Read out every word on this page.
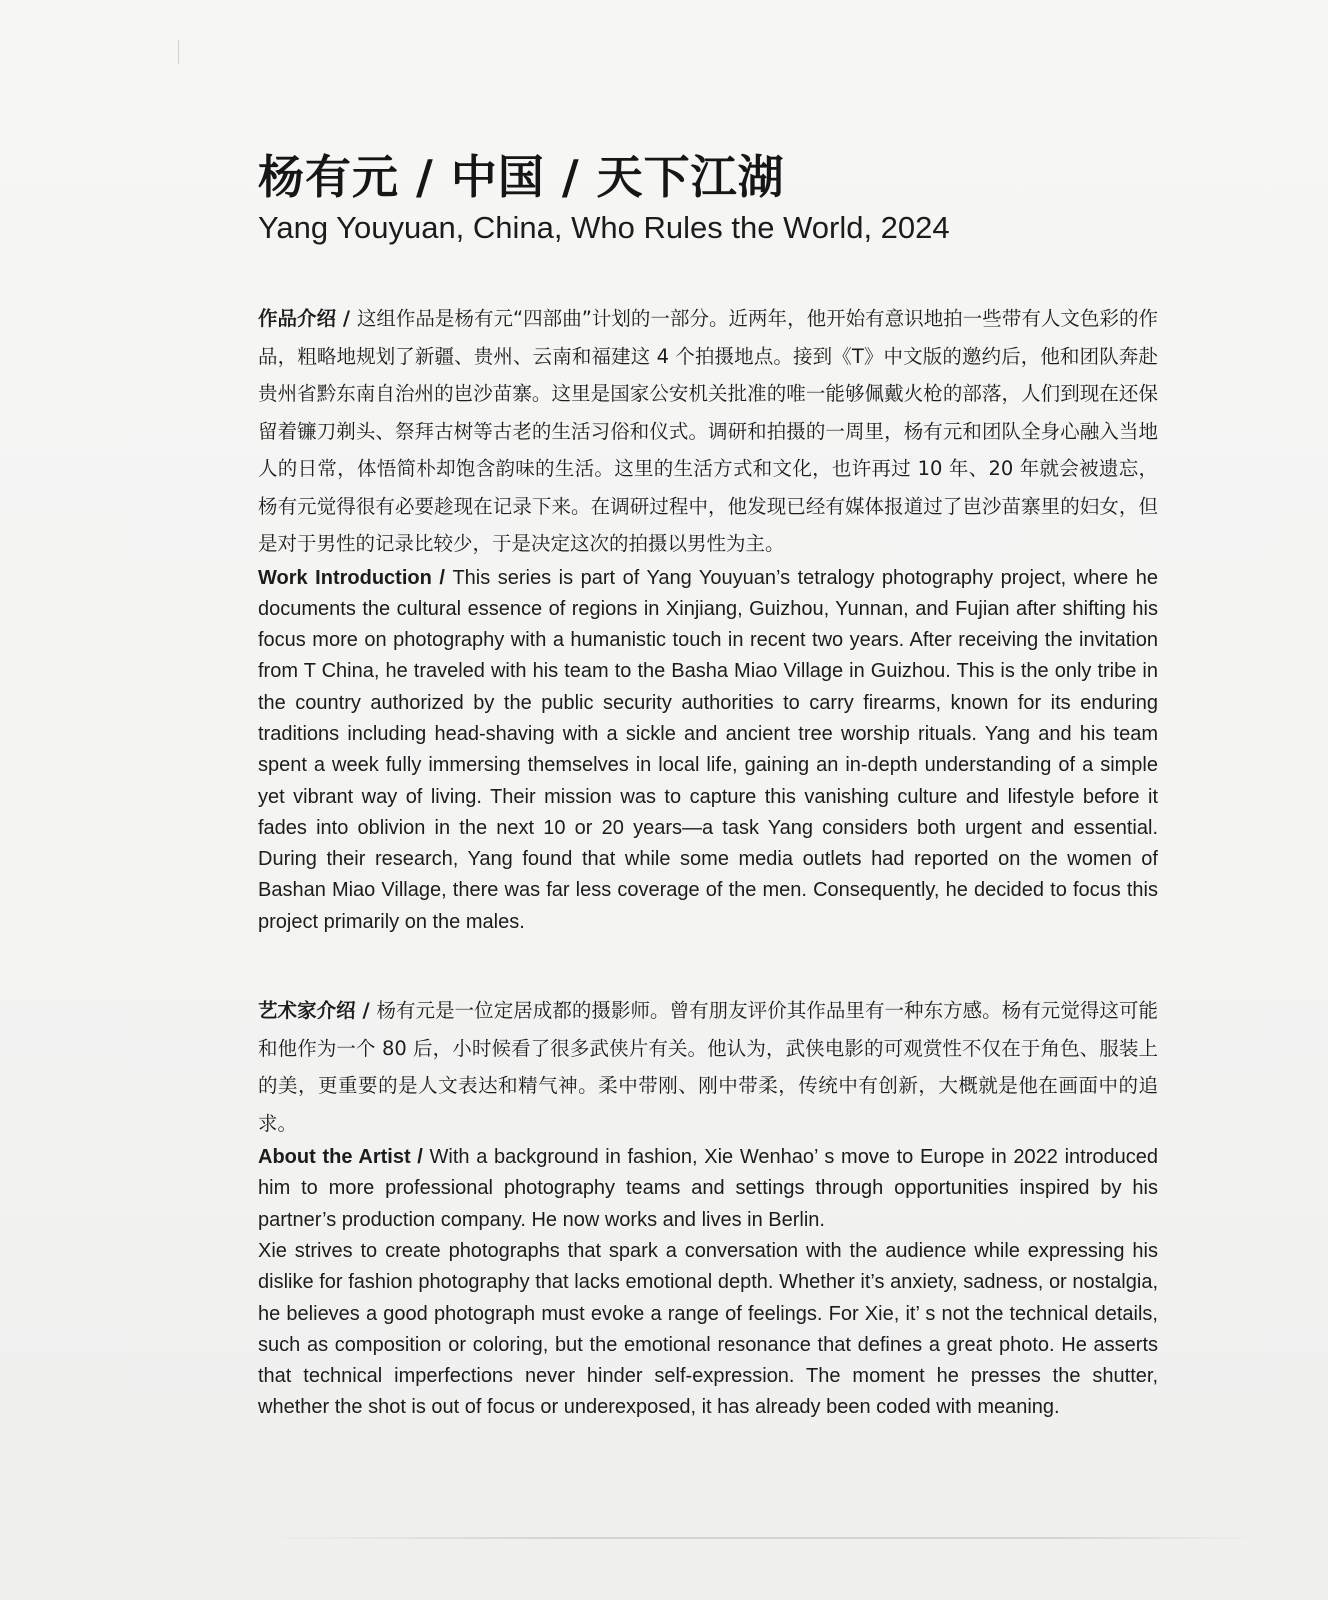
杨有元 / 中国 / 天下江湖
Yang Youyuan, China, Who Rules the World, 2024

作品介绍 / 这组作品是杨有元“四部曲”计划的一部分。近两年，他开始有意识地拍一些带有人文色彩的作品，粗略地规划了新疆、贵州、云南和福建这 4 个拍摄地点。接到《T》中文版的邀约后，他和团队奔赴贵州省黔东南自治州的岜沙苗寨。这里是国家公安机关批准的唯一能够佩戴火枪的部落，人们到现在还保留着镰刀剃头、祭拜古树等古老的生活习俗和仪式。调研和拍摄的一周里，杨有元和团队全身心融入当地人的日常，体悟简朴却饱含韵味的生活。这里的生活方式和文化，也许再过 10 年、20 年就会被遗忘，杨有元觉得很有必要趁现在记录下来。在调研过程中，他发现已经有媒体报道过了岜沙苗寨里的妇女，但是对于男性的记录比较少，于是决定这次的拍摄以男性为主。

Work Introduction / This series is part of Yang Youyuan’s tetralogy photography project, where he documents the cultural essence of regions in Xinjiang, Guizhou, Yunnan, and Fujian after shifting his focus more on photography with a humanistic touch in recent two years. After receiving the invitation from T China, he traveled with his team to the Basha Miao Village in Guizhou. This is the only tribe in the country authorized by the public security authorities to carry firearms, known for its enduring traditions including head-shaving with a sickle and ancient tree worship rituals. Yang and his team spent a week fully immersing themselves in local life, gaining an in-depth understanding of a simple yet vibrant way of living. Their mission was to capture this vanishing culture and lifestyle before it fades into oblivion in the next 10 or 20 years—a task Yang considers both urgent and essential. During their research, Yang found that while some media outlets had reported on the women of Bashan Miao Village, there was far less coverage of the men. Consequently, he decided to focus this project primarily on the males.

艺术家介绍 / 杨有元是一位定居成都的摄影师。曾有朋友评价其作品里有一种东方感。杨有元觉得这可能和他作为一个 80 后，小时候看了很多武侠片有关。他认为，武侠电影的可观赏性不仅在于角色、服装上的美，更重要的是人文表达和精气神。柔中带刚、刚中带柔，传统中有创新，大概就是他在画面中的追求。

About the Artist / With a background in fashion, Xie Wenhao’ s move to Europe in 2022 introduced him to more professional photography teams and settings through opportunities inspired by his partner’s production company. He now works and lives in Berlin.

Xie strives to create photographs that spark a conversation with the audience while expressing his dislike for fashion photography that lacks emotional depth. Whether it’s anxiety, sadness, or nostalgia, he believes a good photograph must evoke a range of feelings. For Xie, it’ s not the technical details, such as composition or coloring, but the emotional resonance that defines a great photo. He asserts that technical imperfections never hinder self-expression. The moment he presses the shutter, whether the shot is out of focus or underexposed, it has already been coded with meaning.
